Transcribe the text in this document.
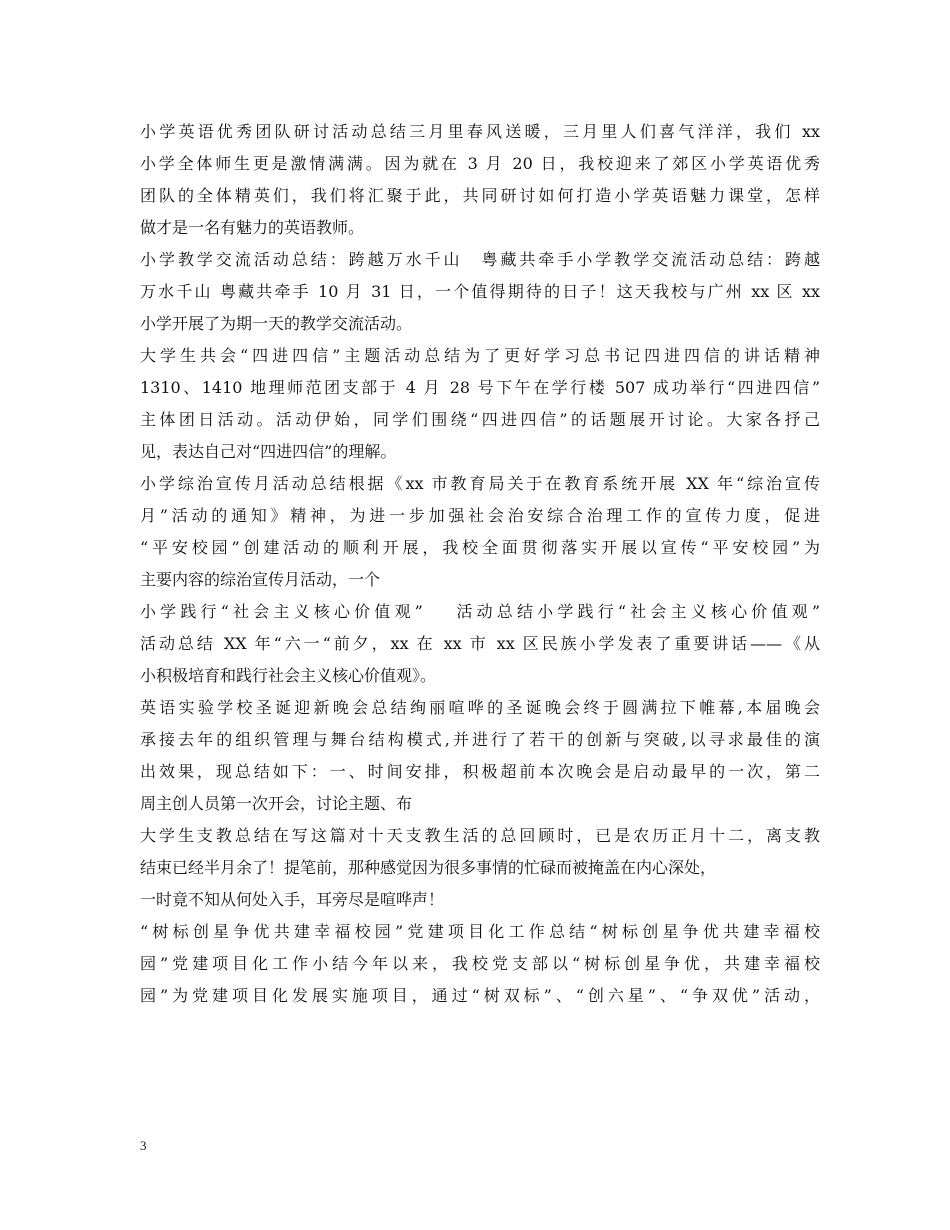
小学英语优秀团队研讨活动总结三月里春风送暖，三月里人们喜气洋洋，我们 xx
小学全体师生更是激情满满。因为就在 3 月 20 日，我校迎来了郊区小学英语优秀
团队的全体精英们，我们将汇聚于此，共同研讨如何打造小学英语魅力课堂，怎样
做才是一名有魅力的英语教师。
小学教学交流活动总结：跨越万水千山　粤藏共牵手小学教学交流活动总结：跨越
万水千山 粤藏共牵手 10 月 31 日，一个值得期待的日子！这天我校与广州 xx 区 xx
小学开展了为期一天的教学交流活动。
大学生共会“四进四信”主题活动总结为了更好学习总书记四进四信的讲话精神
1310、1410 地理师范团支部于 4 月 28 号下午在学行楼 507 成功举行“四进四信”
主体团日活动。活动伊始，同学们围绕“四进四信”的话题展开讨论。大家各抒己
见，表达自己对“四进四信”的理解。
小学综治宣传月活动总结根据《xx 市教育局关于在教育系统开展 XX 年“综治宣传
月”活动的通知》精神，为进一步加强社会治安综合治理工作的宣传力度，促进
“平安校园”创建活动的顺利开展，我校全面贯彻落实开展以宣传“平安校园”为
主要内容的综治宣传月活动，一个
小学践行“社会主义核心价值观”　 活动总结小学践行“社会主义核心价值观”
活动总结 XX 年“六一“前夕，xx 在 xx 市 xx 区民族小学发表了重要讲话——《从
小积极培育和践行社会主义核心价值观》。
英语实验学校圣诞迎新晚会总结绚丽喧哗的圣诞晚会终于圆满拉下帷幕,本届晚会
承接去年的组织管理与舞台结构模式,并进行了若干的创新与突破,以寻求最佳的演
出效果，现总结如下：一、时间安排，积极超前本次晚会是启动最早的一次，第二
周主创人员第一次开会，讨论主题、布
大学生支教总结在写这篇对十天支教生活的总回顾时，已是农历正月十二，离支教
结束已经半月余了！提笔前，那种感觉因为很多事情的忙碌而被掩盖在内心深处，
一时竟不知从何处入手，耳旁尽是喧哗声！
“树标创星争优共建幸福校园”党建项目化工作总结“树标创星争优共建幸福校
园”党建项目化工作小结今年以来，我校党支部以“树标创星争优，共建幸福校
园”为党建项目化发展实施项目，通过“树双标”、“创六星”、“争双优”活动，
3
